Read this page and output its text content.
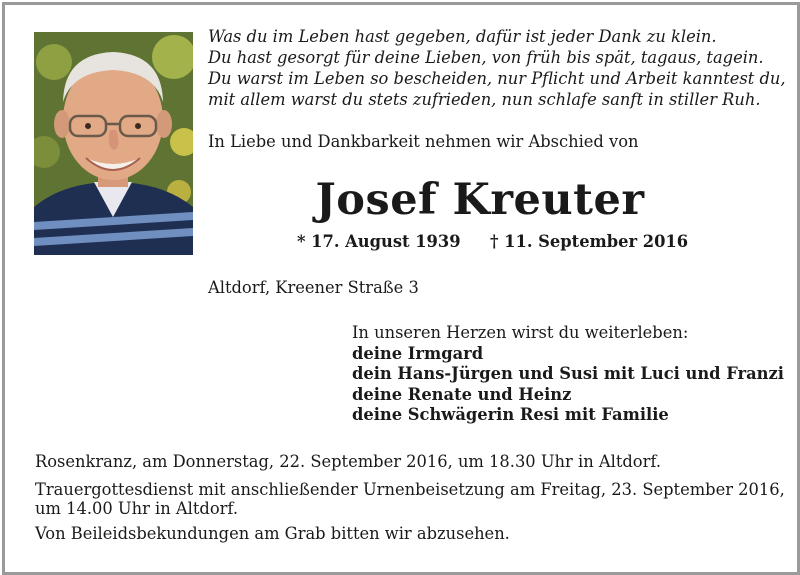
Was du im Leben hast gegeben, dafür ist jeder Dank zu klein.
Du hast gesorgt für deine Lieben, von früh bis spät, tagaus, tagein.
Du warst im Leben so bescheiden, nur Pflicht und Arbeit kanntest du,
mit allem warst du stets zufrieden, nun schlafe sanft in stiller Ruh.
In Liebe und Dankbarkeit nehmen wir Abschied von
Josef Kreuter
* 17. August 1939 † 11. September 2016
Altdorf, Kreener Straße 3
In unseren Herzen wirst du weiterleben:
deine Irmgard
dein Hans-Jürgen und Susi mit Luci und Franzi
deine Renate und Heinz
deine Schwägerin Resi mit Familie
Rosenkranz, am Donnerstag, 22. September 2016, um 18.30 Uhr in Altdorf.
Trauergottesdienst mit anschließender Urnenbeisetzung am Freitag, 23. September 2016,
um 14.00 Uhr in Altdorf.
Von Beileidsbekundungen am Grab bitten wir abzusehen.
